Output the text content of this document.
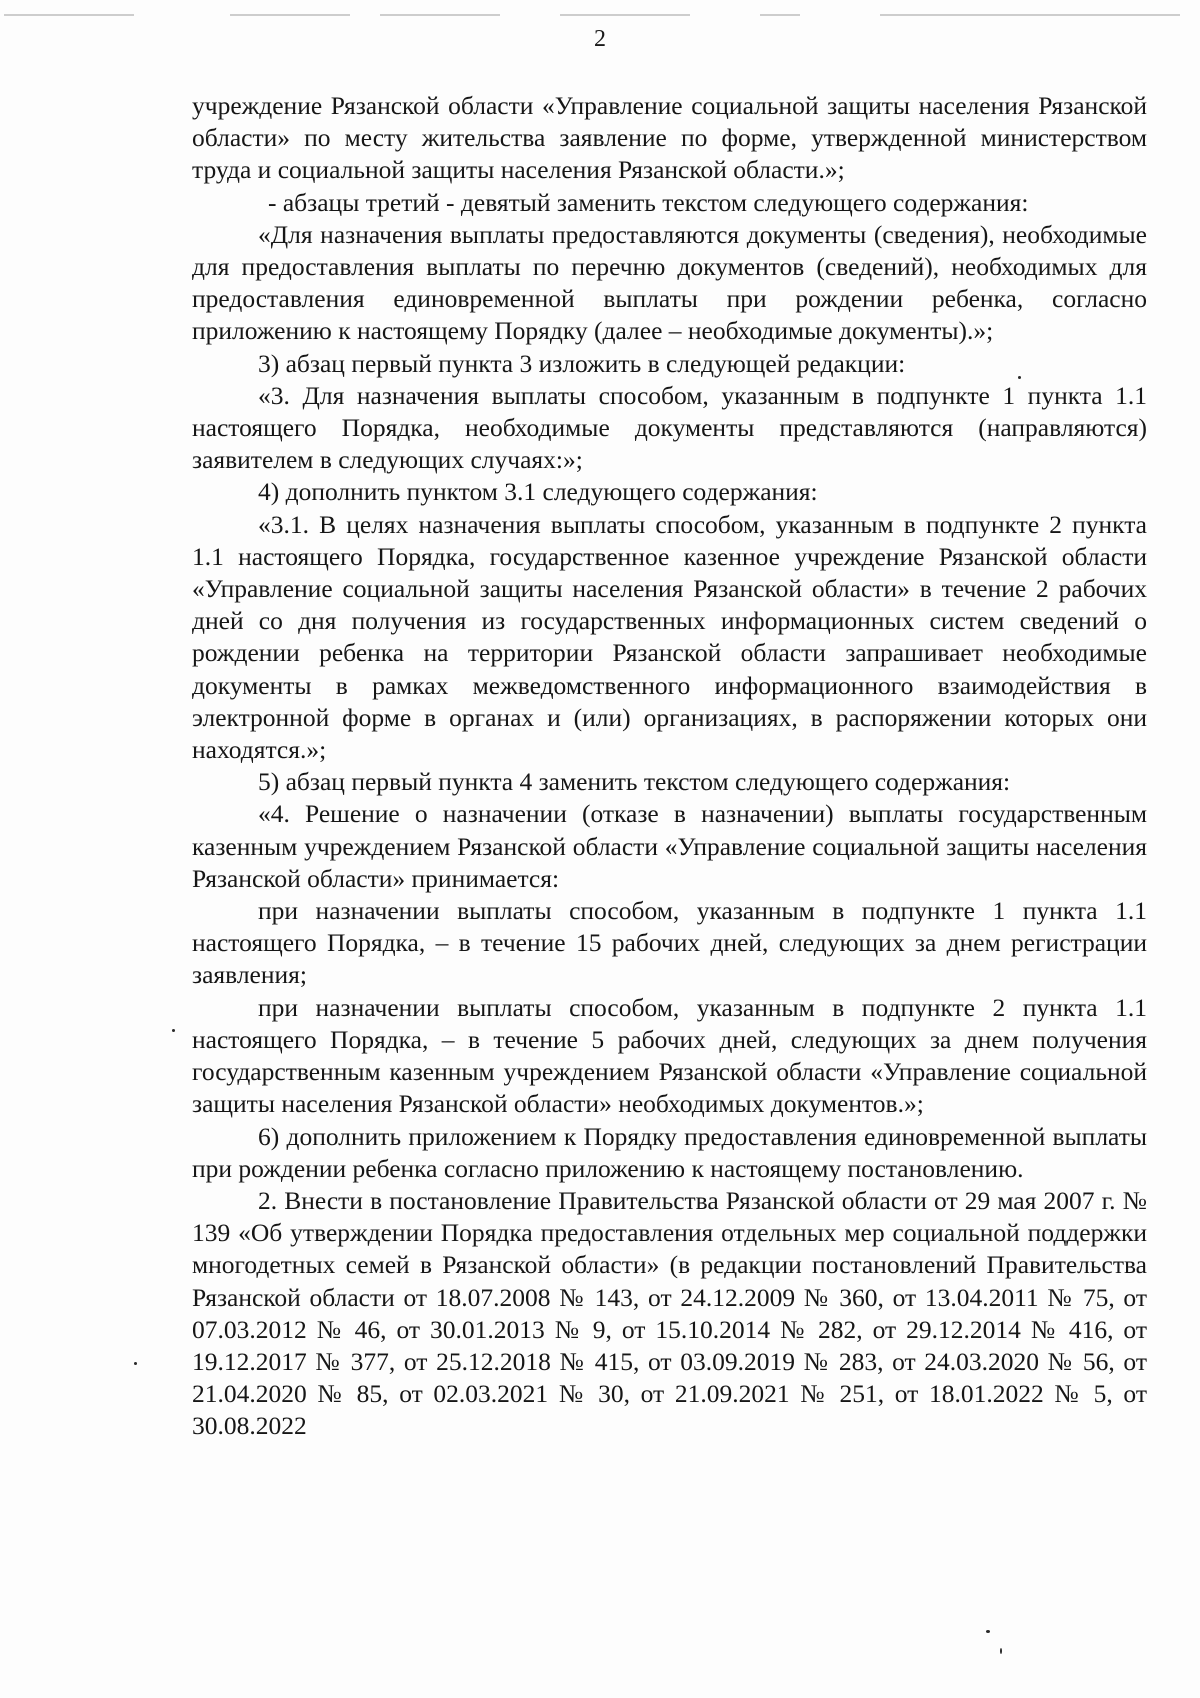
2

учреждение Рязанской области «Управление социальной защиты населения Рязанской области» по месту жительства заявление по форме, утвержденной министерством труда и социальной защиты населения Рязанской области.»;

- абзацы третий - девятый заменить текстом следующего содержания:

«Для назначения выплаты предоставляются документы (сведения), необходимые для предоставления выплаты по перечню документов (сведений), необходимых для предоставления единовременной выплаты при рождении ребенка, согласно приложению к настоящему Порядку (далее – необходимые документы).»;

3) абзац первый пункта 3 изложить в следующей редакции:

«3. Для назначения выплаты способом, указанным в подпункте 1 пункта 1.1 настоящего Порядка, необходимые документы представляются (направляются) заявителем в следующих случаях:»;

4) дополнить пунктом 3.1 следующего содержания:

«3.1. В целях назначения выплаты способом, указанным в подпункте 2 пункта 1.1 настоящего Порядка, государственное казенное учреждение Рязанской области «Управление социальной защиты населения Рязанской области» в течение 2 рабочих дней со дня получения из государственных информационных систем сведений о рождении ребенка на территории Рязанской области запрашивает необходимые документы в рамках межведомственного информационного взаимодействия в электронной форме в органах и (или) организациях, в распоряжении которых они находятся.»;

5) абзац первый пункта 4 заменить текстом следующего содержания:

«4. Решение о назначении (отказе в назначении) выплаты государственным казенным учреждением Рязанской области «Управление социальной защиты населения Рязанской области» принимается:

при назначении выплаты способом, указанным в подпункте 1 пункта 1.1 настоящего Порядка, – в течение 15 рабочих дней, следующих за днем регистрации заявления;

при назначении выплаты способом, указанным в подпункте 2 пункта 1.1 настоящего Порядка, – в течение 5 рабочих дней, следующих за днем получения государственным казенным учреждением Рязанской области «Управление социальной защиты населения Рязанской области» необходимых документов.»;

6) дополнить приложением к Порядку предоставления единовременной выплаты при рождении ребенка согласно приложению к настоящему постановлению.

2. Внести в постановление Правительства Рязанской области от 29 мая 2007 г. № 139 «Об утверждении Порядка предоставления отдельных мер социальной поддержки многодетных семей в Рязанской области» (в редакции постановлений Правительства Рязанской области от 18.07.2008 № 143, от 24.12.2009 № 360, от 13.04.2011 № 75, от 07.03.2012 № 46, от 30.01.2013 № 9, от 15.10.2014 № 282, от 29.12.2014 № 416, от 19.12.2017 № 377, от 25.12.2018 № 415, от 03.09.2019 № 283, от 24.03.2020 № 56, от 21.04.2020 № 85, от 02.03.2021 № 30, от 21.09.2021 № 251, от 18.01.2022 № 5, от 30.08.2022
